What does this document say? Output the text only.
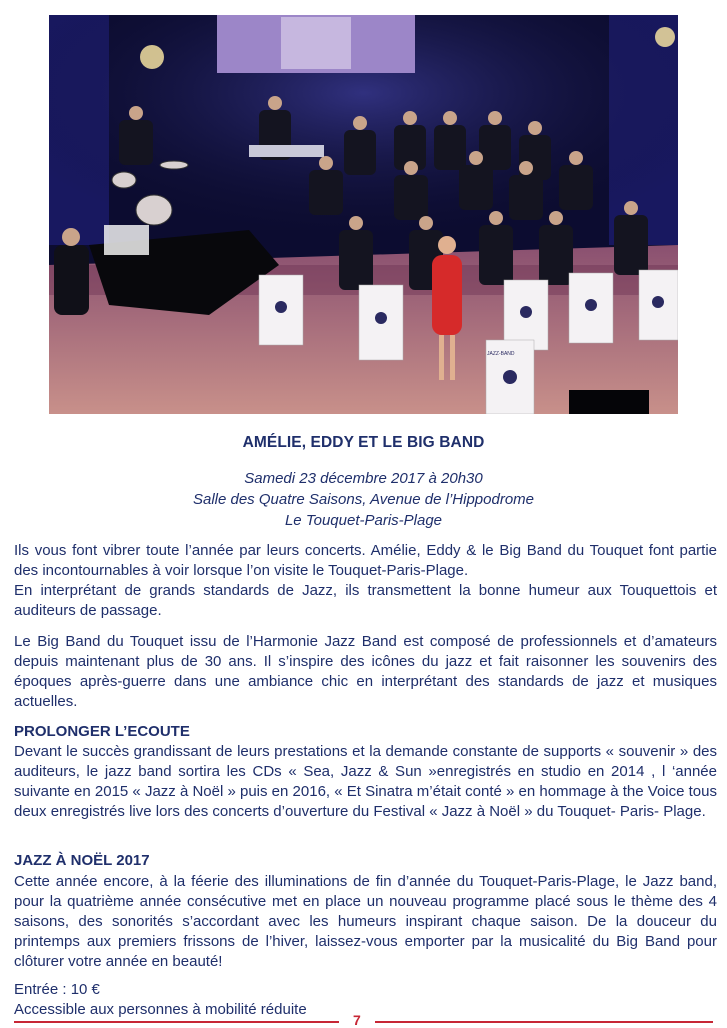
JAZZ-BAND
AMÉLIE, EDDY ET LE BIG BAND
Samedi 23 décembre 2017 à 20h30
Salle des Quatre Saisons, Avenue de l’Hippodrome
Le Touquet-Paris-Plage

Ils vous font vibrer toute l’année par leurs concerts. Amélie, Eddy & le Big Band du Touquet font partie des incontournables à voir lorsque l’on visite le Touquet-Paris-Plage.

En interprétant de grands standards de Jazz, ils transmettent la bonne humeur aux Touquettois et auditeurs de passage.

Le Big Band du Touquet issu de l’Harmonie Jazz Band est composé de professionnels et d’amateurs depuis maintenant plus de 30 ans. Il s’inspire des icônes du jazz et fait raisonner les souvenirs des époques après-guerre dans une ambiance chic en interprétant des standards de jazz et musiques actuelles.

PROLONGER L’ECOUTE

Devant le succès grandissant de leurs prestations et la demande constante de supports « souvenir » des auditeurs, le jazz band sortira les CDs « Sea, Jazz & Sun »enregistrés en studio en 2014 , l ‘année suivante en 2015 « Jazz à Noël » puis en 2016, « Et Sinatra m’était conté » en hommage à the Voice tous deux enregistrés live lors des concerts d’ouverture du Festival « Jazz à Noël » du Touquet- Paris- Plage.

JAZZ À NOËL 2017

Cette année encore, à la féerie des illuminations de fin d’année du Touquet-Paris-Plage, le Jazz band, pour la quatrième année consécutive met en place un nouveau programme placé sous le thème des 4 saisons, des sonorités s’accordant avec les humeurs inspirant chaque saison. De la douceur du printemps aux premiers frissons de l’hiver, laissez-vous emporter par la musicalité du Big Band pour clôturer votre année en beauté!

Entrée : 10 €
Accessible aux personnes à mobilité réduite
7
